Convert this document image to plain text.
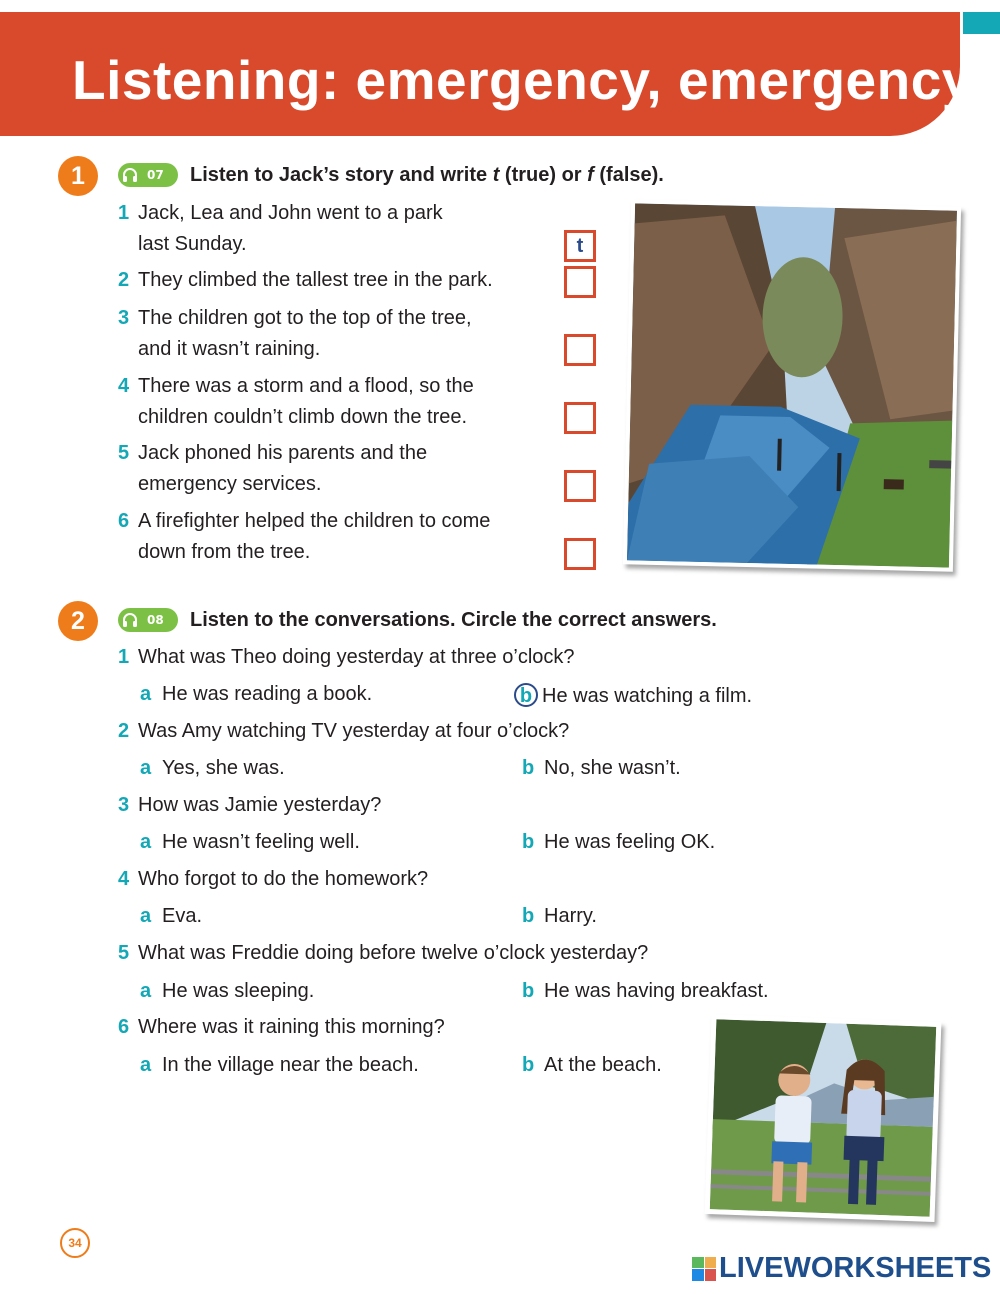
Listening: emergency, emergency!
1	07 Listen to Jack’s story and write t (true) or f (false).
1 Jack, Lea and John went to a park last Sunday.	t
2 They climbed the tallest tree in the park.
3 The children got to the top of the tree, and it wasn’t raining.
4 There was a storm and a flood, so the children couldn’t climb down the tree.
5 Jack phoned his parents and the emergency services.
6 A firefighter helped the children to come down from the tree.
2	08 Listen to the conversations. Circle the correct answers.
1 What was Theo doing yesterday at three o’clock?
a He was reading a book.	b He was watching a film.
2 Was Amy watching TV yesterday at four o’clock?
a Yes, she was.	b No, she wasn’t.
3 How was Jamie yesterday?
a He wasn’t feeling well.	b He was feeling OK.
4 Who forgot to do the homework?
a Eva.	b Harry.
5 What was Freddie doing before twelve o’clock yesterday?
a He was sleeping.	b He was having breakfast.
6 Where was it raining this morning?
a In the village near the beach.	b At the beach.
34
LIVEWORKSHEETS
